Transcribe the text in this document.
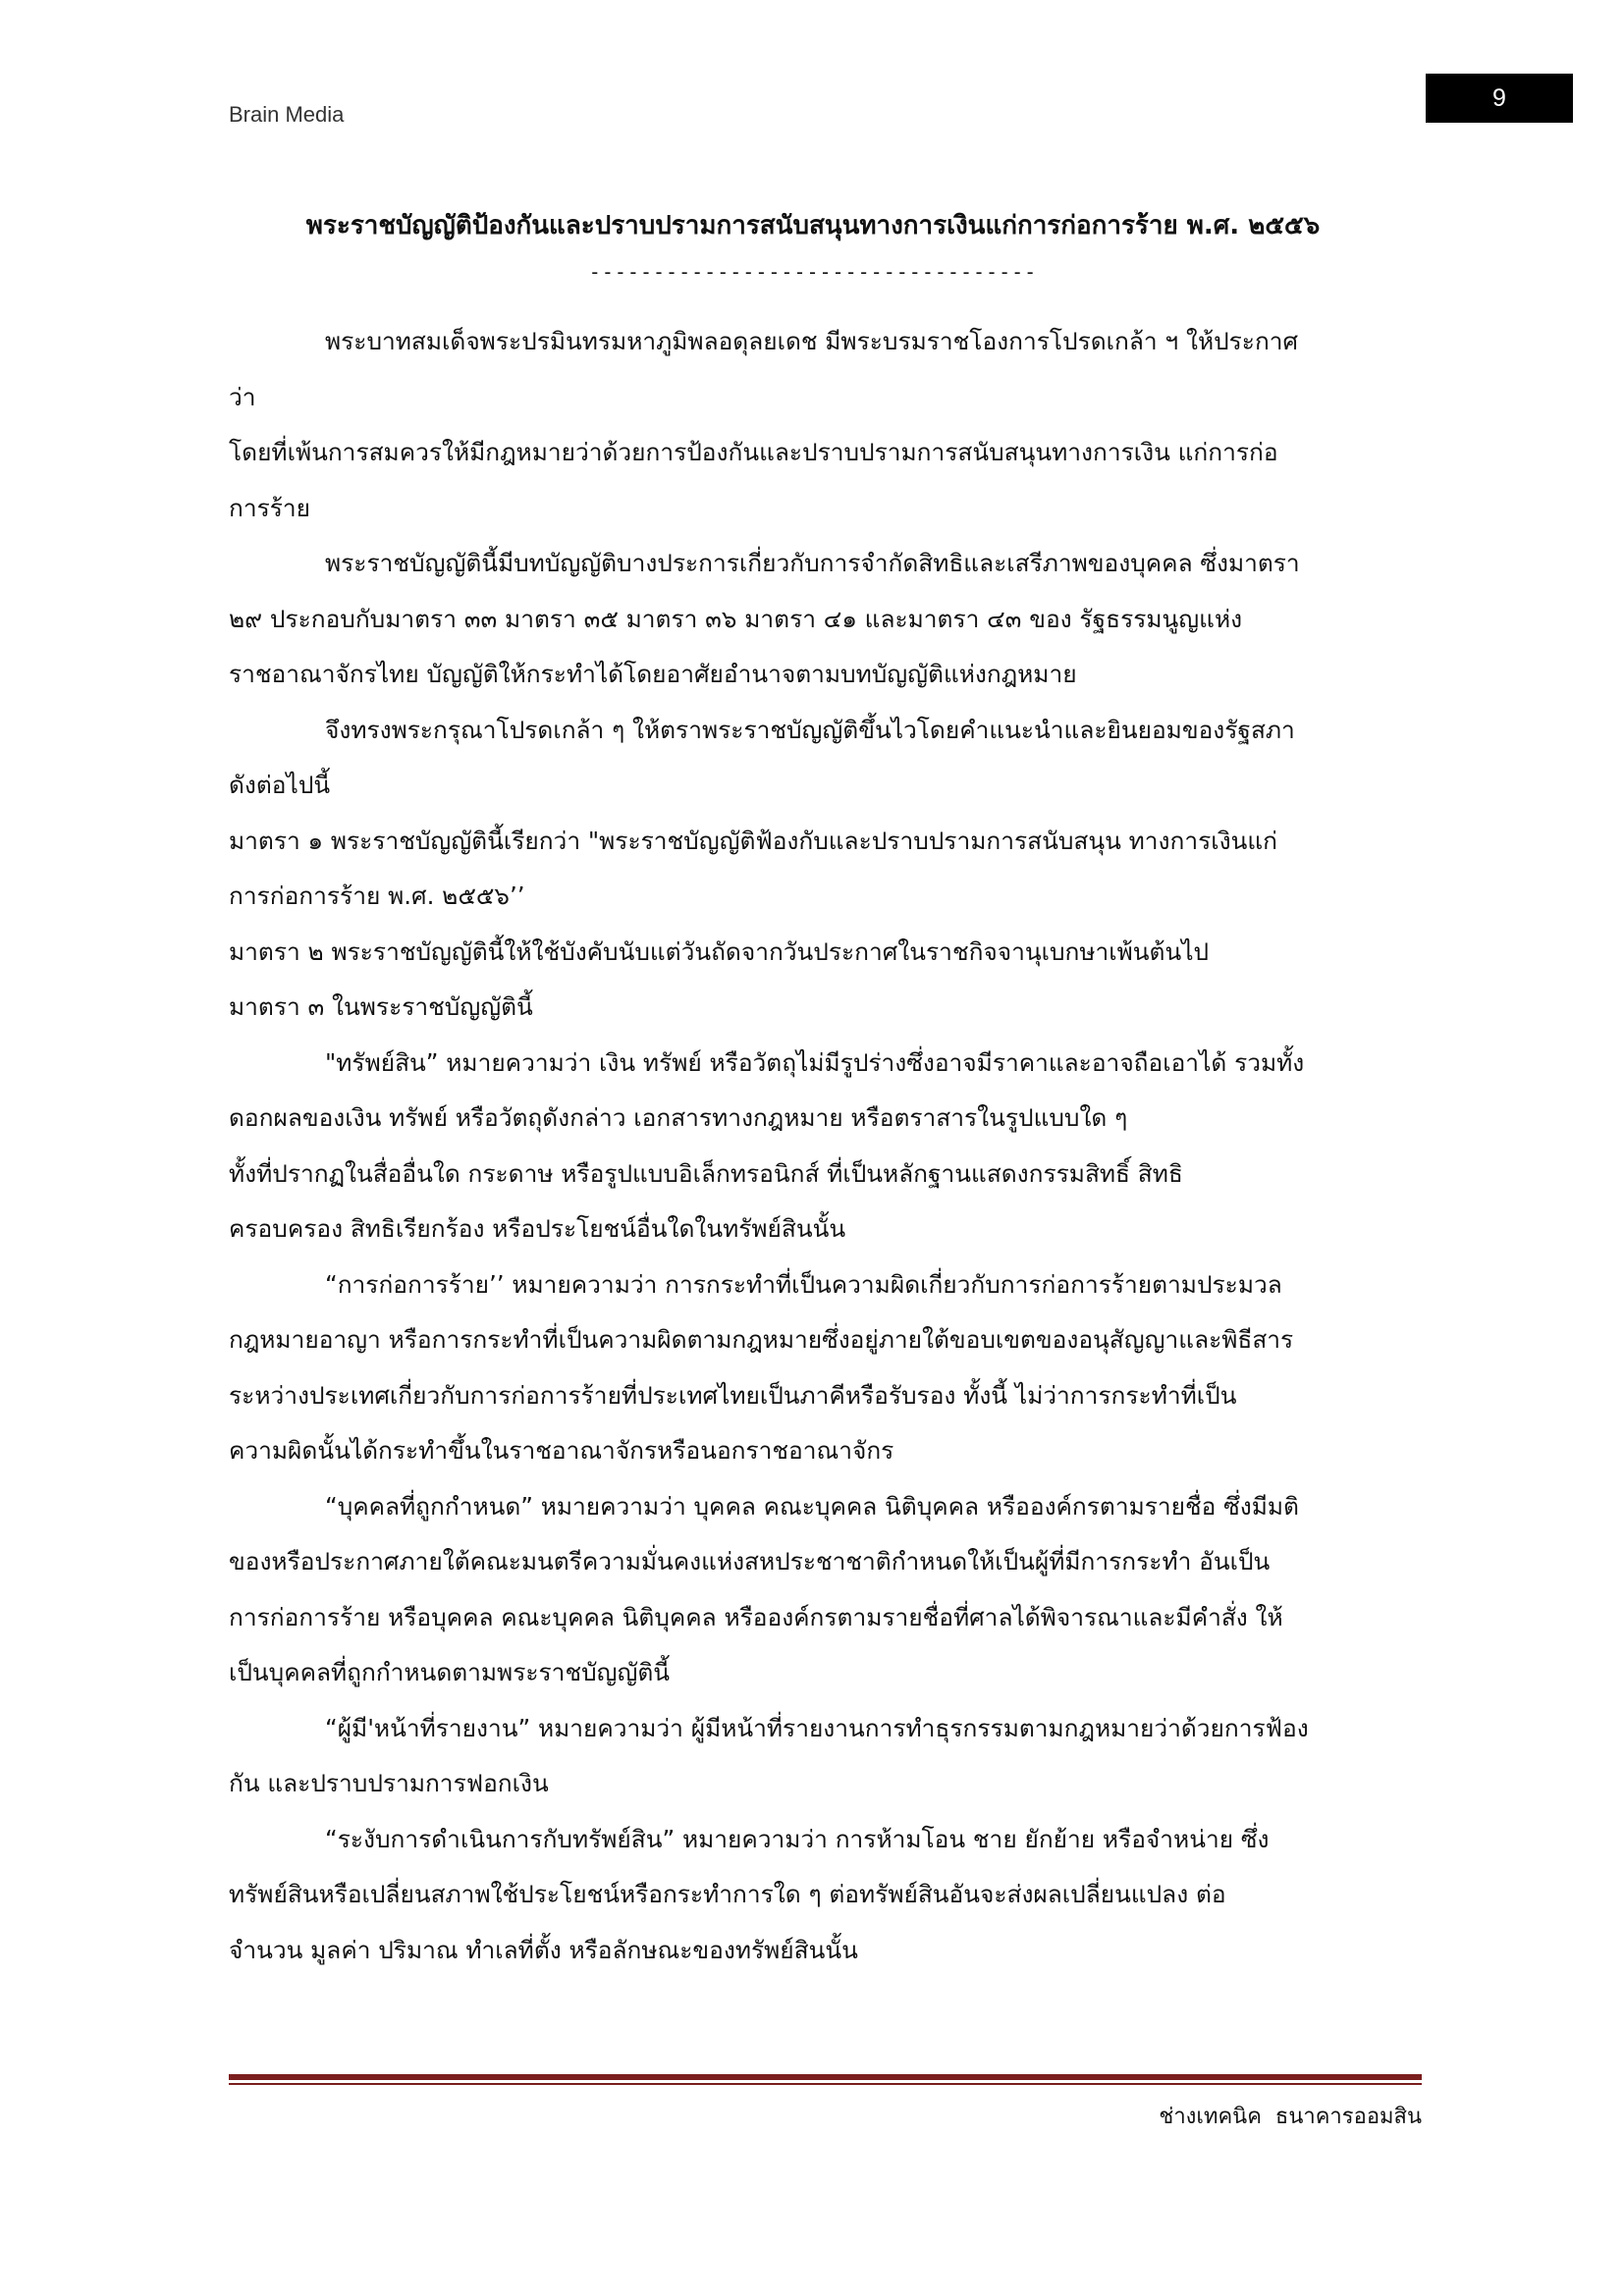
Brain Media
9
พระราชบัญญัติป้องกันและปราบปรามการสนับสนุนทางการเงินแก่การก่อการร้าย พ.ศ. ๒๕๕๖
-----------------------------------
พระบาทสมเด็จพระปรมินทรมหาภูมิพลอดุลยเดช มีพระบรมราชโองการโปรดเกล้า ฯ ให้ประกาศ
ว่า
โดยที่เพ้นการสมควรให้มีกฎหมายว่าด้วยการป้องกันและปราบปรามการสนับสนุนทางการเงิน แก่การก่อ
การร้าย
พระราชบัญญัตินี้มีบทบัญญัติบางประการเกี่ยวกับการจำกัดสิทธิและเสรีภาพของบุคคล ซึ่งมาตรา
๒๙ ประกอบกับมาตรา ๓๓ มาตรา ๓๕ มาตรา ๓๖ มาตรา ๔๑ และมาตรา ๔๓ ของ รัฐธรรมนูญแห่ง
ราชอาณาจักรไทย บัญญัติให้กระทำได้โดยอาศัยอำนาจตามบทบัญญัติแห่งกฎหมาย
จึงทรงพระกรุณาโปรดเกล้า ๆ ให้ตราพระราชบัญญัติขึ้นไวโดยคำแนะนำและยินยอมของรัฐสภา
ดังต่อไปนี้
มาตรา ๑ พระราชบัญญัตินี้เรียกว่า "พระราชบัญญัติฟ้องกับและปราบปรามการสนับสนุน ทางการเงินแก่
การก่อการร้าย พ.ศ. ๒๕๕๖’’
มาตรา ๒ พระราชบัญญัตินี้ให้ใช้บังคับนับแต่วันถัดจากวันประกาศในราชกิจจานุเบกษาเพ้นต้นไป
มาตรา ๓ ในพระราชบัญญัตินี้
"ทรัพย์สิน” หมายความว่า เงิน ทรัพย์ หรือวัตถุไม่มีรูปร่างซึ่งอาจมีราคาและอาจถือเอาได้ รวมทั้ง
ดอกผลของเงิน ทรัพย์ หรือวัตถุดังกล่าว เอกสารทางกฎหมาย หรือตราสารในรูปแบบใด ๆ
ทั้งที่ปรากฏในสื่ออื่นใด กระดาษ หรือรูปแบบอิเล็กทรอนิกส์ ที่เป็นหลักฐานแสดงกรรมสิทธิ์ สิทธิ
ครอบครอง สิทธิเรียกร้อง หรือประโยชน์อื่นใดในทรัพย์สินนั้น
“การก่อการร้าย’’ หมายความว่า การกระทำที่เป็นความผิดเกี่ยวกับการก่อการร้ายตามประมวล
กฎหมายอาญา หรือการกระทำที่เป็นความผิดตามกฎหมายซึ่งอยู่ภายใต้ขอบเขตของอนุสัญญาและพิธีสาร
ระหว่างประเทศเกี่ยวกับการก่อการร้ายที่ประเทศไทยเป็นภาคีหรือรับรอง ทั้งนี้ ไม่ว่าการกระทำที่เป็น
ความผิดนั้นได้กระทำขึ้นในราชอาณาจักรหรือนอกราชอาณาจักร
“บุคคลที่ถูกกำหนด” หมายความว่า บุคคล คณะบุคคล นิติบุคคล หรือองค์กรตามรายชื่อ ซึ่งมีมติ
ของหรือประกาศภายใต้คณะมนตรีความมั่นคงแห่งสหประชาชาติกำหนดให้เป็นผู้ที่มีการกระทำ อันเป็น
การก่อการร้าย หรือบุคคล คณะบุคคล นิติบุคคล หรือองค์กรตามรายชื่อที่ศาลได้พิจารณาและมีคำสั่ง ให้
เป็นบุคคลที่ถูกกำหนดตามพระราชบัญญัตินี้
“ผู้มี'หน้าที่รายงาน” หมายความว่า ผู้มีหน้าที่รายงานการทำธุรกรรมตามกฎหมายว่าด้วยการฟ้อง
กัน และปราบปรามการฟอกเงิน
“ระงับการดำเนินการกับทรัพย์สิน” หมายความว่า การห้ามโอน ชาย ยักย้าย หรือจำหน่าย ซึ่ง
ทรัพย์สินหรือเปลี่ยนสภาพใช้ประโยชน์หรือกระทำการใด ๆ ต่อทรัพย์สินอันจะส่งผลเปลี่ยนแปลง ต่อ
จำนวน มูลค่า ปริมาณ ทำเลที่ตั้ง หรือลักษณะของทรัพย์สินนั้น
ช่างเทคนิค  ธนาคารออมสิน
